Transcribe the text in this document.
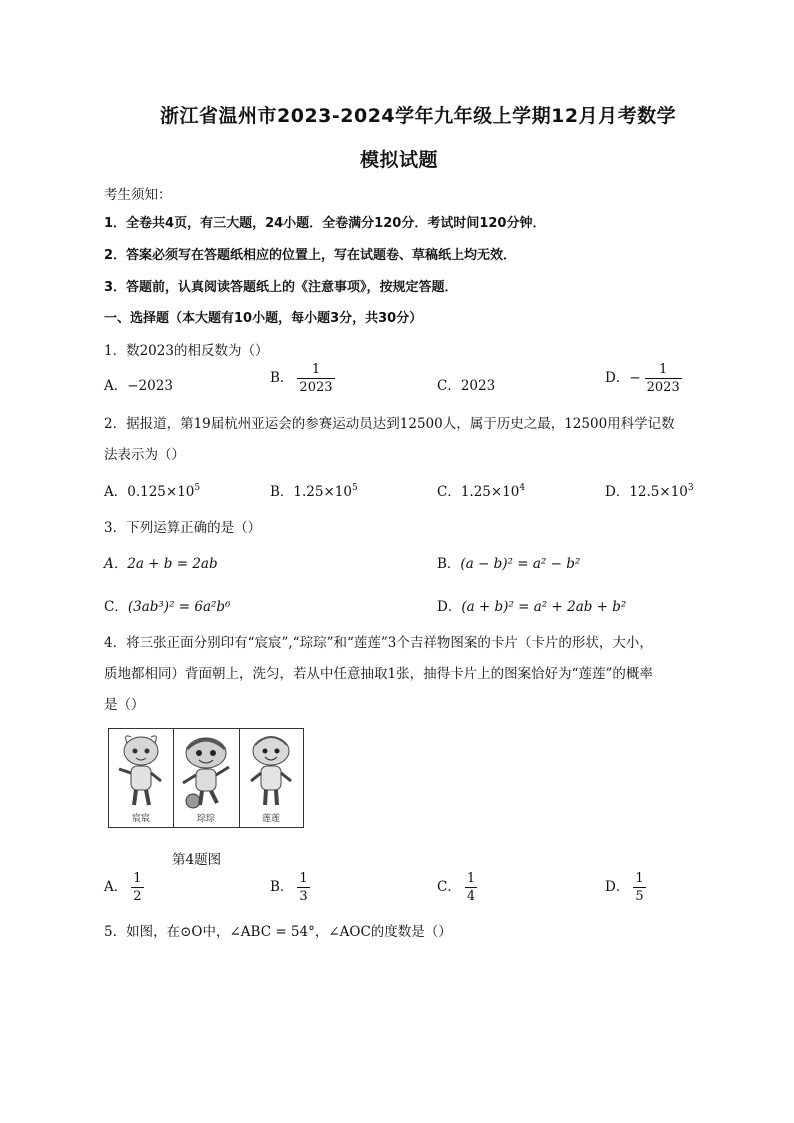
浙江省温州市2023-2024学年九年级上学期12月月考数学
模拟试题
考生须知：
1．全卷共4页，有三大题，24小题．全卷满分120分．考试时间120分钟．
2．答案必须写在答题纸相应的位置上，写在试题卷、草稿纸上均无效．
3．答题前，认真阅读答题纸上的《注意事项》，按规定答题．
一、选择题（本大题有10小题，每小题3分，共30分）
1．数2023的相反数为（）
A．−2023	B． $\frac{1}{2023}$	C．2023	D．− $\frac{1}{2023}$
2．据报道，第19届杭州亚运会的参赛运动员达到12500人，属于历史之最，12500用科学记数
法表示为（）
A．$0.125\times 10^5$	B．$1.25\times 10^5$	C．$1.25\times 10^4$	D．$12.5\times 10^3$
3．下列运算正确的是（）
A．2a + b = 2ab	B．(a − b)² = a² − b²
C．(3ab³)² = 6a²b⁶	D．(a + b)² = a² + 2ab + b²
4．将三张正面分别印有“宸宸”,“琮琮”和“莲莲”3个吉祥物图案的卡片（卡片的形状，大小，
质地都相同）背面朝上，洗匀，若从中任意抽取1张，抽得卡片上的图案恰好为“莲莲”的概率
是（）
宸宸	琮琮	莲莲
第4题图
A． $\frac{1}{2}$	B． $\frac{1}{3}$	C． $\frac{1}{4}$	D． $\frac{1}{5}$
5．如图，在⊙O中，∠ABC = 54°，∠AOC的度数是（）
